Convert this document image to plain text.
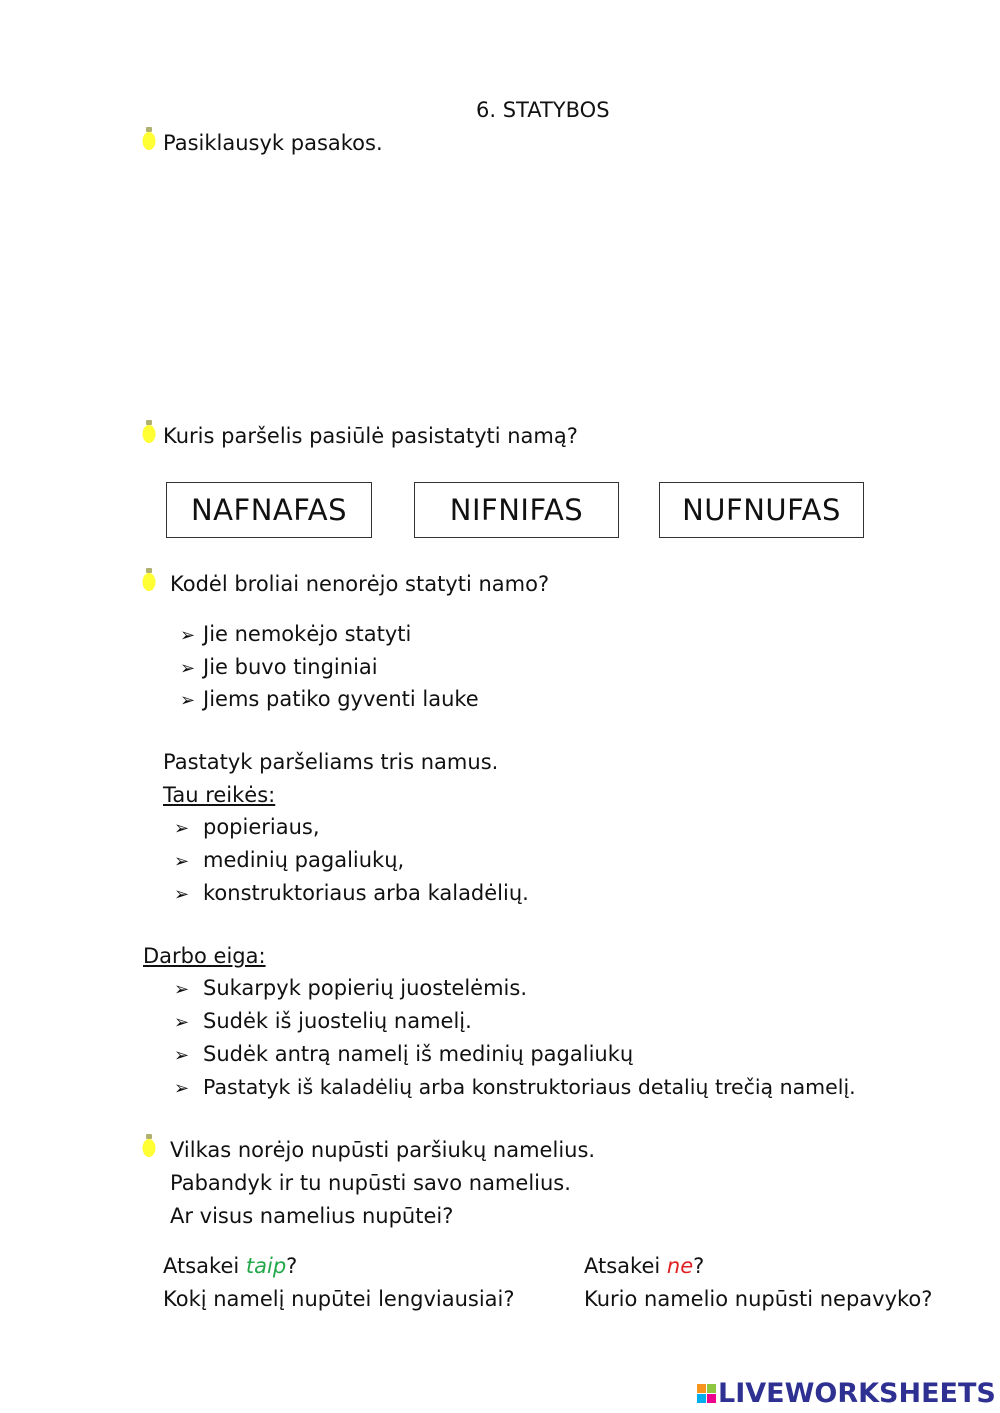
6. STATYBOS
Pasiklausyk pasakos.
Kuris paršelis pasiūlė pasistatyti namą?
NAFNAFAS	NIFNIFAS	NUFNUFAS
Kodėl broliai nenorėjo statyti namo?
➢ Jie nemokėjo statyti
➢ Jie buvo tinginiai
➢ Jiems patiko gyventi lauke
Pastatyk paršeliams tris namus.
Tau reikės:
➢ popieriaus,
➢ medinių pagaliukų,
➢ konstruktoriaus arba kaladėlių.
Darbo eiga:
➢ Sukarpyk popierių juostelėmis.
➢ Sudėk iš juostelių namelį.
➢ Sudėk antrą namelį iš medinių pagaliukų
➢ Pastatyk iš kaladėlių arba konstruktoriaus detalių trečią namelį.
Vilkas norėjo nupūsti paršiukų namelius.
Pabandyk ir tu nupūsti savo namelius.
Ar visus namelius nupūtei?
Atsakei taip?
Kokį namelį nupūtei lengviausiai?
Atsakei ne?
Kurio namelio nupūsti nepavyko?
LIVEWORKSHEETS
